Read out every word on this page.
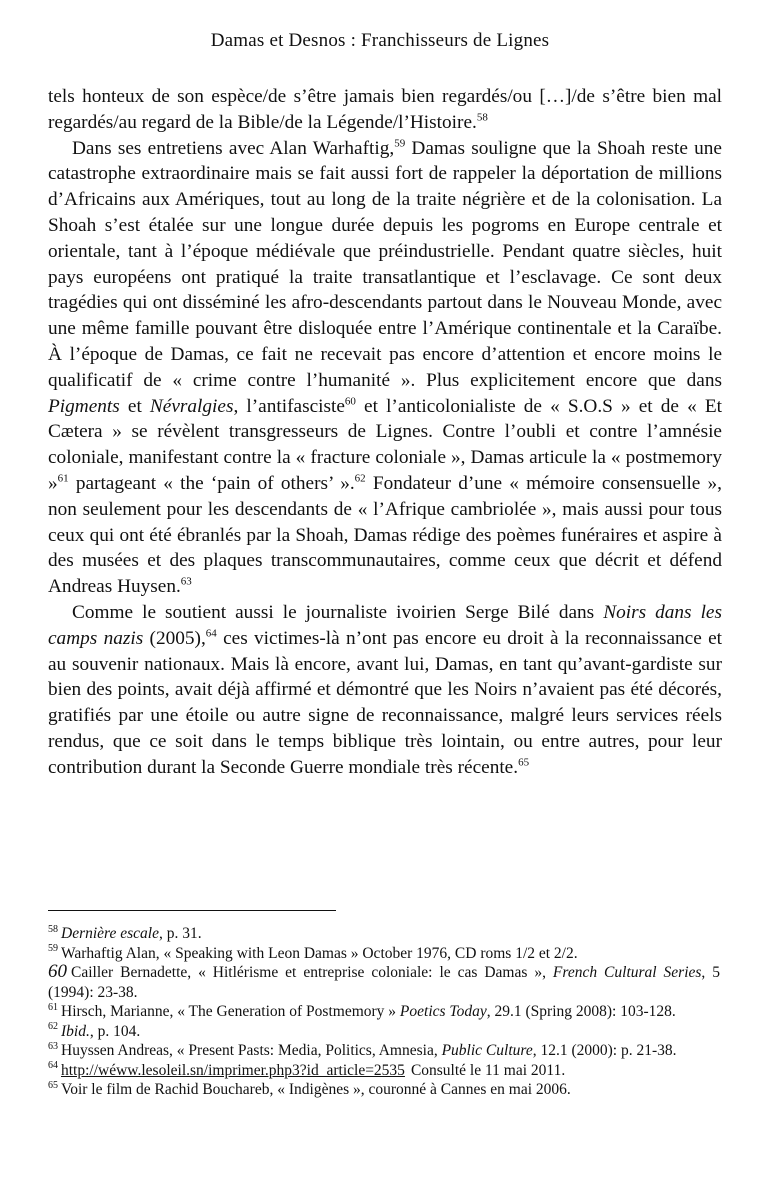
Damas et Desnos : Franchisseurs de Lignes

tels honteux de son espèce/de s’être jamais bien regardés/ou […]/de s’être bien mal regardés/au regard de la Bible/de la Légende/l’Histoire.$^{58}$

Dans ses entretiens avec Alan Warhaftig,$^{59}$ Damas souligne que la Shoah reste une catastrophe extraordinaire mais se fait aussi fort de rappeler la déportation de millions d’Africains aux Amériques, tout au long de la traite négrière et de la colonisation. La Shoah s’est étalée sur une longue durée depuis les pogroms en Europe centrale et orientale, tant à l’époque médiévale que préindustrielle. Pendant quatre siècles, huit pays européens ont pratiqué la traite transatlantique et l’esclavage. Ce sont deux tragédies qui ont disséminé les afro-descendants partout dans le Nouveau Monde, avec une même famille pouvant être disloquée entre l’Amérique continentale et la Caraïbe. À l’époque de Damas, ce fait ne recevait pas encore d’attention et encore moins le qualificatif de « crime contre l’humanité ». Plus explicitement encore que dans Pigments et Névralgies, l’antifasciste$^{60}$ et l’anticolonialiste de « S.O.S » et de « Et Cætera » se révèlent transgresseurs de Lignes. Contre l’oubli et contre l’amnésie coloniale, manifestant contre la « fracture coloniale », Damas articule la « postmemory »$^{61}$ partageant « the ‘pain of others’ ».$^{62}$ Fondateur d’une « mémoire consensuelle », non seulement pour les descendants de « l’Afrique cambriolée », mais aussi pour tous ceux qui ont été ébranlés par la Shoah, Damas rédige des poèmes funéraires et aspire à des musées et des plaques transcommunautaires, comme ceux que décrit et défend Andreas Huysen.$^{63}$

Comme le soutient aussi le journaliste ivoirien Serge Bilé dans Noirs dans les camps nazis (2005),$^{64}$ ces victimes-là n’ont pas encore eu droit à la reconnaissance et au souvenir nationaux. Mais là encore, avant lui, Damas, en tant qu’avant-gardiste sur bien des points, avait déjà affirmé et démontré que les Noirs n’avaient pas été décorés, gratifiés par une étoile ou autre signe de reconnaissance, malgré leurs services réels rendus, que ce soit dans le temps biblique très lointain, ou entre autres, pour leur contribution durant la Seconde Guerre mondiale très récente.$^{65}$

$^{58}$ Dernière escale, p. 31.

$^{59}$ Warhaftig Alan, « Speaking with Leon Damas » October 1976, CD roms 1/2 et 2/2.

60 Cailler Bernadette, « Hitlérisme et entreprise coloniale: le cas Damas », French Cultural Series, 5 (1994): 23-38.

$^{61}$ Hirsch, Marianne, « The Generation of Postmemory » Poetics Today, 29.1 (Spring 2008): 103-128.

$^{62}$ Ibid., p. 104.

$^{63}$ Huyssen Andreas, « Present Pasts: Media, Politics, Amnesia, Public Culture, 12.1 (2000): p. 21-38.

$^{64}$ http://wéww.lesoleil.sn/imprimer.php3?id_article=2535 Consulté le 11 mai 2011.

$^{65}$ Voir le film de Rachid Bouchareb, « Indigènes », couronné à Cannes en mai 2006.
